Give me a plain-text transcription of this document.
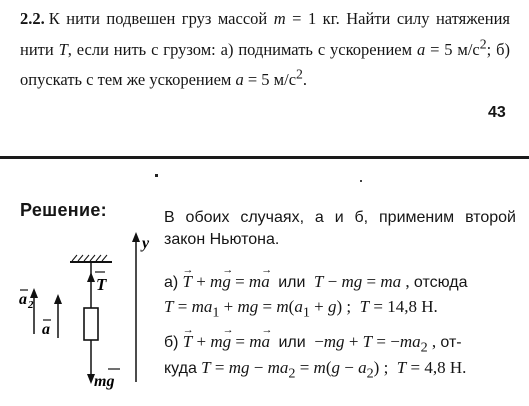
2.2. К нити подвешен груз массой m = 1 кг. Найти силу натяжения нити T, если нить с грузом: а) поднимать с ускорением a = 5 $м/с^2$; б) опускать с тем же ускорением a = 5 $м/с^2$.
43
Решение:
T
mg
a 2
a
y
В обоих случаях, а и б, применим второй закон Ньютона.
а) T → + mg → = ma → или T − mg = ma , отсюда
$T = ma_1$ + mg = $m(a_1 + g)$ ;  T = 14,8 Н.
б) T → + mg → = ma → или  $-mg + T = -ma_2$ , от-
куда T = mg − $ma_2 = m(g - a_2)$ ;  T = 4,8 Н.
